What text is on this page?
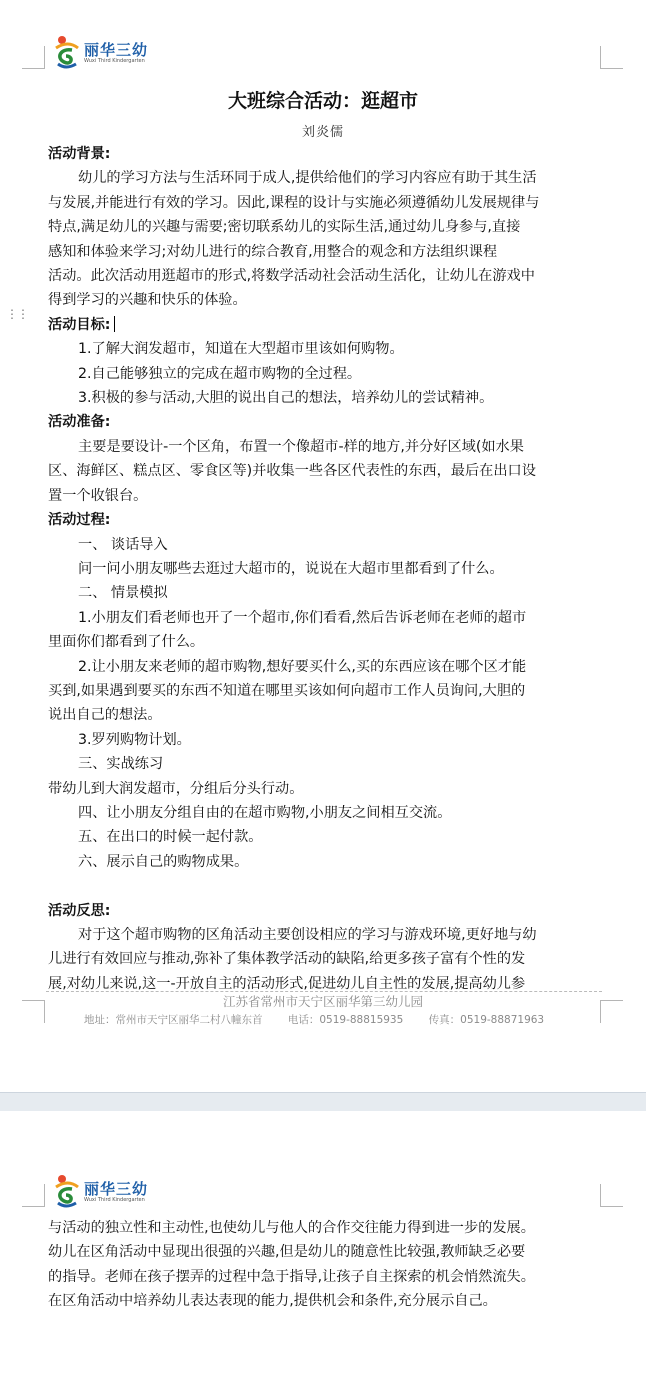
丽华三幼
Wuxi Third Kindergarten
大班综合活动：逛超市
刘炎儒
⋮⋮

活动背景:

幼儿的学习方法与生活环同于成人,提供给他们的学习内容应有助于其生活

与发展,并能进行有效的学习。因此,课程的设计与实施必须遵循幼儿发展规律与

特点,满足幼儿的兴趣与需要;密切联系幼儿的实际生活,通过幼儿身参与,直接

感知和体验来学习;对幼儿进行的综合教育,用整合的观念和方法组织课程

活动。此次活动用逛超市的形式,将数学活动社会活动生活化，让幼儿在游戏中

得到学习的兴趣和快乐的体验。

活动目标:

1.了解大润发超市，知道在大型超市里该如何购物。

2.自己能够独立的完成在超市购物的全过程。

3.积极的参与活动,大胆的说出自己的想法，培养幼儿的尝试精神。

活动准备:

主要是要设计-一个区角，布置一个像超市-样的地方,并分好区域(如水果

区、海鲜区、糕点区、零食区等)并收集一些各区代表性的东西，最后在出口设

置一个收银台。

活动过程:

一、 谈话导入

问一问小朋友哪些去逛过大超市的，说说在大超市里都看到了什么。

二、 情景模拟

1.小朋友们看老师也开了一个超市,你们看看,然后告诉老师在老师的超市

里面你们都看到了什么。

2.让小朋友来老师的超市购物,想好要买什么,买的东西应该在哪个区才能

买到,如果遇到要买的东西不知道在哪里买该如何向超市工作人员询问,大胆的

说出自己的想法。

3.罗列购物计划。

三、实战练习

带幼儿到大润发超市，分组后分头行动。

四、让小朋友分组自由的在超市购物,小朋友之间相互交流。

五、在出口的时候一起付款。

六、展示自己的购物成果。

活动反思:

对于这个超市购物的区角活动主要创设相应的学习与游戏环境,更好地与幼

儿进行有效回应与推动,弥补了集体教学活动的缺陷,给更多孩子富有个性的发

展,对幼儿来说,这一-开放自主的活动形式,促进幼儿自主性的发展,提高幼儿参

江苏省常州市天宁区丽华第三幼儿园
地址：常州市天宁区丽华二村八幢东首 电话：0519-88815935 传真：0519-88871963
丽华三幼
Wuxi Third Kindergarten

与活动的独立性和主动性,也使幼儿与他人的合作交往能力得到进一步的发展。

幼儿在区角活动中显现出很强的兴趣,但是幼儿的随意性比较强,教师缺乏必要

的指导。老师在孩子摆弄的过程中急于指导,让孩子自主探索的机会悄然流失。

在区角活动中培养幼儿表达表现的能力,提供机会和条件,充分展示自己。
